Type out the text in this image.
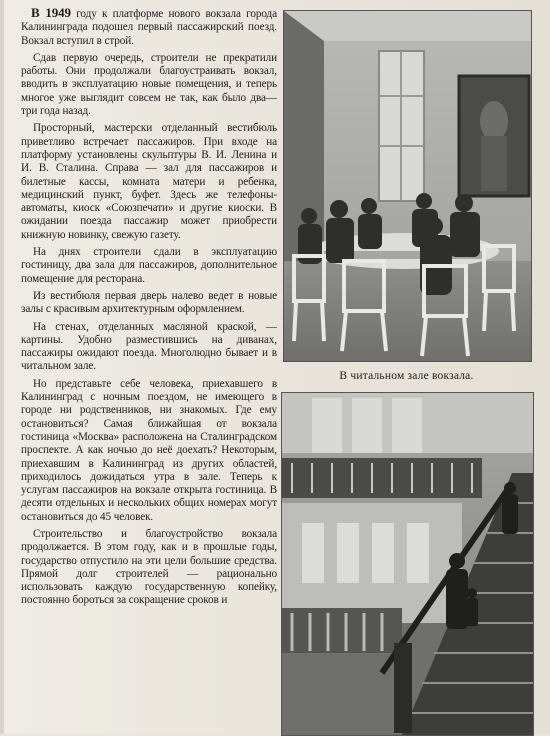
В 1949 году к платформе нового вокзала города Калининграда подошел первый пассажирский поезд. Вокзал вступил в строй.

Сдав первую очередь, строители не прекратили работы. Они продолжали благоустраивать вокзал, вводить в эксплуатацию новые помещения, и теперь многое уже выглядит совсем не так, как было два—три года назад.

Просторный, мастерски отделанный вестибюль приветливо встречает пассажиров. При входе на платформу установлены скульптуры В. И. Ленина и И. В. Сталина. Справа — зал для пассажиров и билетные кассы, комната матери и ребенка, медицинский пункт, буфет. Здесь же телефоны-автоматы, киоск «Союзпечати» и другие киоски. В ожидании поезда пассажир может приобрести книжную новинку, свежую газету.

На днях строители сдали в эксплуатацию гостиницу, два зала для пассажиров, дополнительное помещение для ресторана.

Из вестибюля первая дверь налево ведет в новые залы с красивым архитектурным оформлением.

На стенах, отделанных масляной краской, — картины. Удобно разместившись на диванах, пассажиры ожидают поезда. Многолюдно бывает и в читальном зале.

Но представьте себе человека, приехавшего в Калининград с ночным поездом, не имеющего в городе ни родственников, ни знакомых. Где ему остановиться? Самая ближайшая от вокзала гостиница «Москва» расположена на Сталинградском проспекте. А как ночью до неё доехать? Некоторым, приехавшим в Калининград из других областей, приходилось дожидаться утра в зале. Теперь к услугам пассажиров на вокзале открыта гостиница. В десяти отдельных и нескольких общих номерах могут остановиться до 45 человек.

Строительство и благоустройство вокзала продолжается. В этом году, как и в прошлые годы, государство отпустило на эти цели большие средства. Прямой долг строителей — рационально использовать каждую государственную копейку, постоянно бороться за сокращение сроков и

В читальном зале вокзала.
